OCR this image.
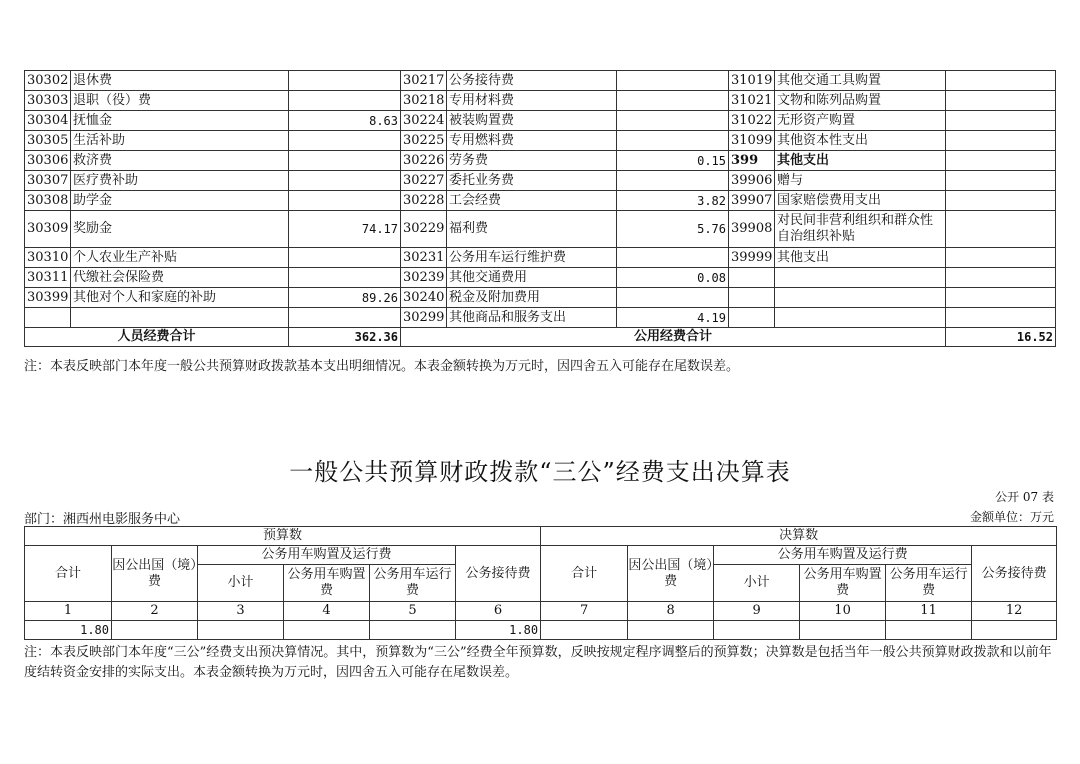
30302	退休费		30217	公务接待费		31019	其他交通工具购置	
30303	退职（役）费		30218	专用材料费		31021	文物和陈列品购置	
30304	抚恤金	8.63	30224	被装购置费		31022	无形资产购置	
30305	生活补助		30225	专用燃料费		31099	其他资本性支出	
30306	救济费		30226	劳务费	0.15	399	其他支出	
30307	医疗费补助		30227	委托业务费		39906	赠与	
30308	助学金		30228	工会经费	3.82	39907	国家赔偿费用支出	
30309	奖励金	74.17	30229	福利费	5.76	39908	对民间非营利组织和群众性自治组织补贴	
30310	个人农业生产补贴		30231	公务用车运行维护费		39999	其他支出	
30311	代缴社会保险费		30239	其他交通费用	0.08			
30399	其他对个人和家庭的补助	89.26	30240	税金及附加费用				
			30299	其他商品和服务支出	4.19			
人员经费合计		362.36	公用经费合计					16.52
注：本表反映部门本年度一般公共预算财政拨款基本支出明细情况。本表金额转换为万元时，因四舍五入可能存在尾数误差。
一般公共预算财政拨款“三公”经费支出决算表
公开 07 表
部门：湘西州电影服务中心	金额单位：万元
预算数						决算数					
合计	因公出国（境）费	公务用车购置及运行费			公务接待费	合计	因公出国（境）费	公务用车购置及运行费			公务接待费
		小计	公务用车购置费	公务用车运行费				小计	公务用车购置费	公务用车运行费	
1	2	3	4	5	6	7	8	9	10	11	12
1.80					1.80						
注：本表反映部门本年度“三公”经费支出预决算情况。其中，预算数为“三公”经费全年预算数，反映按规定程序调整后的预算数；决算数是包括当年一般公共预算财政拨款和以前年度结转资金安排的实际支出。本表金额转换为万元时，因四舍五入可能存在尾数误差。
